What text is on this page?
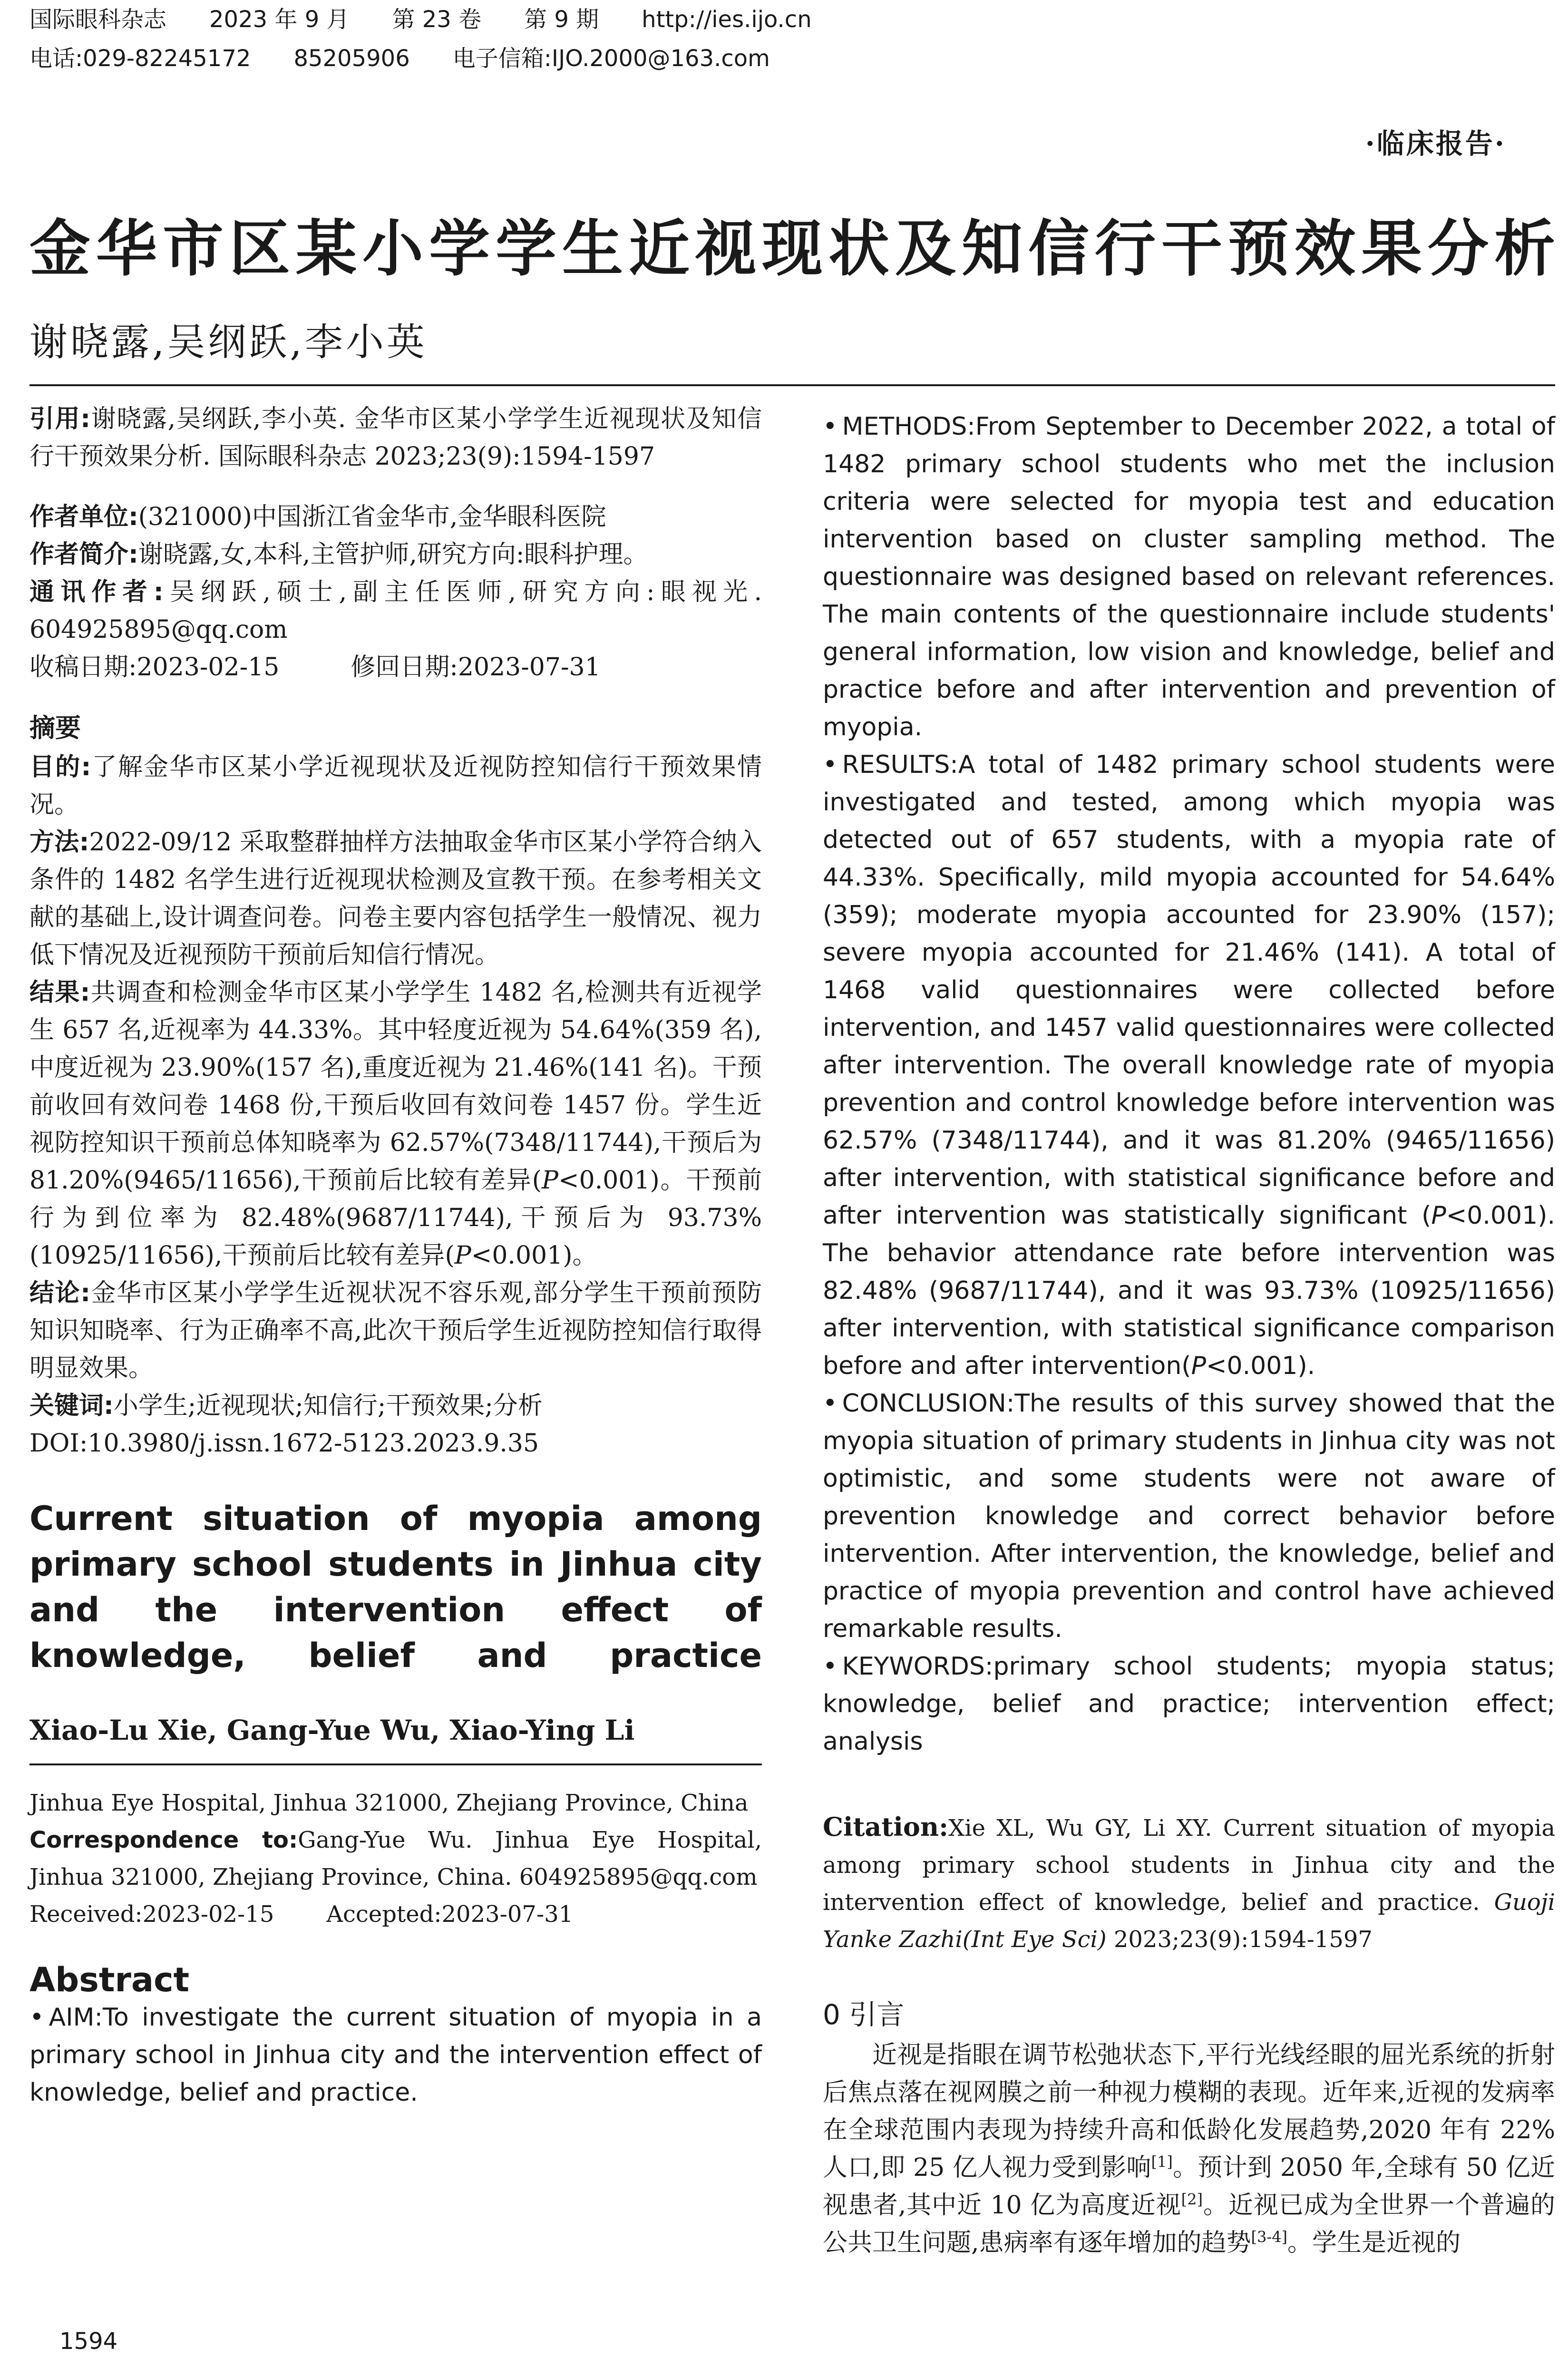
国际眼科杂志 2023 年 9 月 第 23 卷 第 9 期 http://ies.ijo.cn
电话:029-82245172 85205906 电子信箱:IJO.2000@163.com
·临床报告·
金华市区某小学学生近视现状及知信行干预效果分析
谢晓露,吴纲跃,李小英

引用:谢晓露,吴纲跃,李小英. 金华市区某小学学生近视现状及知信行干预效果分析. 国际眼科杂志 2023;23(9):1594-1597

作者单位:(321000)中国浙江省金华市,金华眼科医院

作者简介:谢晓露,女,本科,主管护师,研究方向:眼科护理。

通讯作者:吴纲跃,硕士,副主任医师,研究方向:眼视光. 604925895@qq.com

收稿日期:2023-02-15	修回日期:2023-07-31

摘要

目的:了解金华市区某小学近视现状及近视防控知信行干预效果情况。

方法:2022-09/12 采取整群抽样方法抽取金华市区某小学符合纳入条件的 1482 名学生进行近视现状检测及宣教干预。在参考相关文献的基础上,设计调查问卷。问卷主要内容包括学生一般情况、视力低下情况及近视预防干预前后知信行情况。

结果:共调查和检测金华市区某小学学生 1482 名,检测共有近视学生 657 名,近视率为 44.33%。其中轻度近视为 54.64%(359 名),中度近视为 23.90%(157 名),重度近视为 21.46%(141 名)。干预前收回有效问卷 1468 份,干预后收回有效问卷 1457 份。学生近视防控知识干预前总体知晓率为 62.57%(7348/11744),干预后为 81.20%(9465/11656),干预前后比较有差异(P<0.001)。干预前行为到位率为 82.48%(9687/11744),干预后为 93.73%(10925/11656),干预前后比较有差异(P<0.001)。

结论:金华市区某小学学生近视状况不容乐观,部分学生干预前预防知识知晓率、行为正确率不高,此次干预后学生近视防控知信行取得明显效果。

关键词:小学生;近视现状;知信行;干预效果;分析

DOI:10.3980/j.issn.1672-5123.2023.9.35

Current situation of myopia among primary school students in Jinhua city and the intervention effect of knowledge, belief and practice

Xiao-Lu Xie, Gang-Yue Wu, Xiao-Ying Li

Jinhua Eye Hospital, Jinhua 321000, Zhejiang Province, China

Correspondence to:Gang-Yue Wu. Jinhua Eye Hospital, Jinhua 321000, Zhejiang Province, China. 604925895@qq.com

Received:2023-02-15 Accepted:2023-07-31

Abstract

• AIM:To investigate the current situation of myopia in a primary school in Jinhua city and the intervention effect of knowledge, belief and practice.

• METHODS:From September to December 2022, a total of 1482 primary school students who met the inclusion criteria were selected for myopia test and education intervention based on cluster sampling method. The questionnaire was designed based on relevant references. The main contents of the questionnaire include students' general information, low vision and knowledge, belief and practice before and after intervention and prevention of myopia.

• RESULTS:A total of 1482 primary school students were investigated and tested, among which myopia was detected out of 657 students, with a myopia rate of 44.33%. Specifically, mild myopia accounted for 54.64% (359); moderate myopia accounted for 23.90% (157); severe myopia accounted for 21.46% (141). A total of 1468 valid questionnaires were collected before intervention, and 1457 valid questionnaires were collected after intervention. The overall knowledge rate of myopia prevention and control knowledge before intervention was 62.57% (7348/11744), and it was 81.20% (9465/11656) after intervention, with statistical significance before and after intervention was statistically significant (P<0.001). The behavior attendance rate before intervention was 82.48% (9687/11744), and it was 93.73% (10925/11656) after intervention, with statistical significance comparison before and after intervention(P<0.001).

• CONCLUSION:The results of this survey showed that the myopia situation of primary students in Jinhua city was not optimistic, and some students were not aware of prevention knowledge and correct behavior before intervention. After intervention, the knowledge, belief and practice of myopia prevention and control have achieved remarkable results.

• KEYWORDS:primary school students; myopia status; knowledge, belief and practice; intervention effect; analysis

Citation:Xie XL, Wu GY, Li XY. Current situation of myopia among primary school students in Jinhua city and the intervention effect of knowledge, belief and practice. Guoji Yanke Zazhi(Int Eye Sci) 2023;23(9):1594-1597

0 引言

近视是指眼在调节松弛状态下,平行光线经眼的屈光系统的折射后焦点落在视网膜之前一种视力模糊的表现。近年来,近视的发病率在全球范围内表现为持续升高和低龄化发展趋势,2020 年有 22%人口,即 25 亿人视力受到影响[1]。预计到 2050 年,全球有 50 亿近视患者,其中近 10 亿为高度近视[2]。近视已成为全世界一个普遍的公共卫生问题,患病率有逐年增加的趋势[3-4]。学生是近视的

1594
